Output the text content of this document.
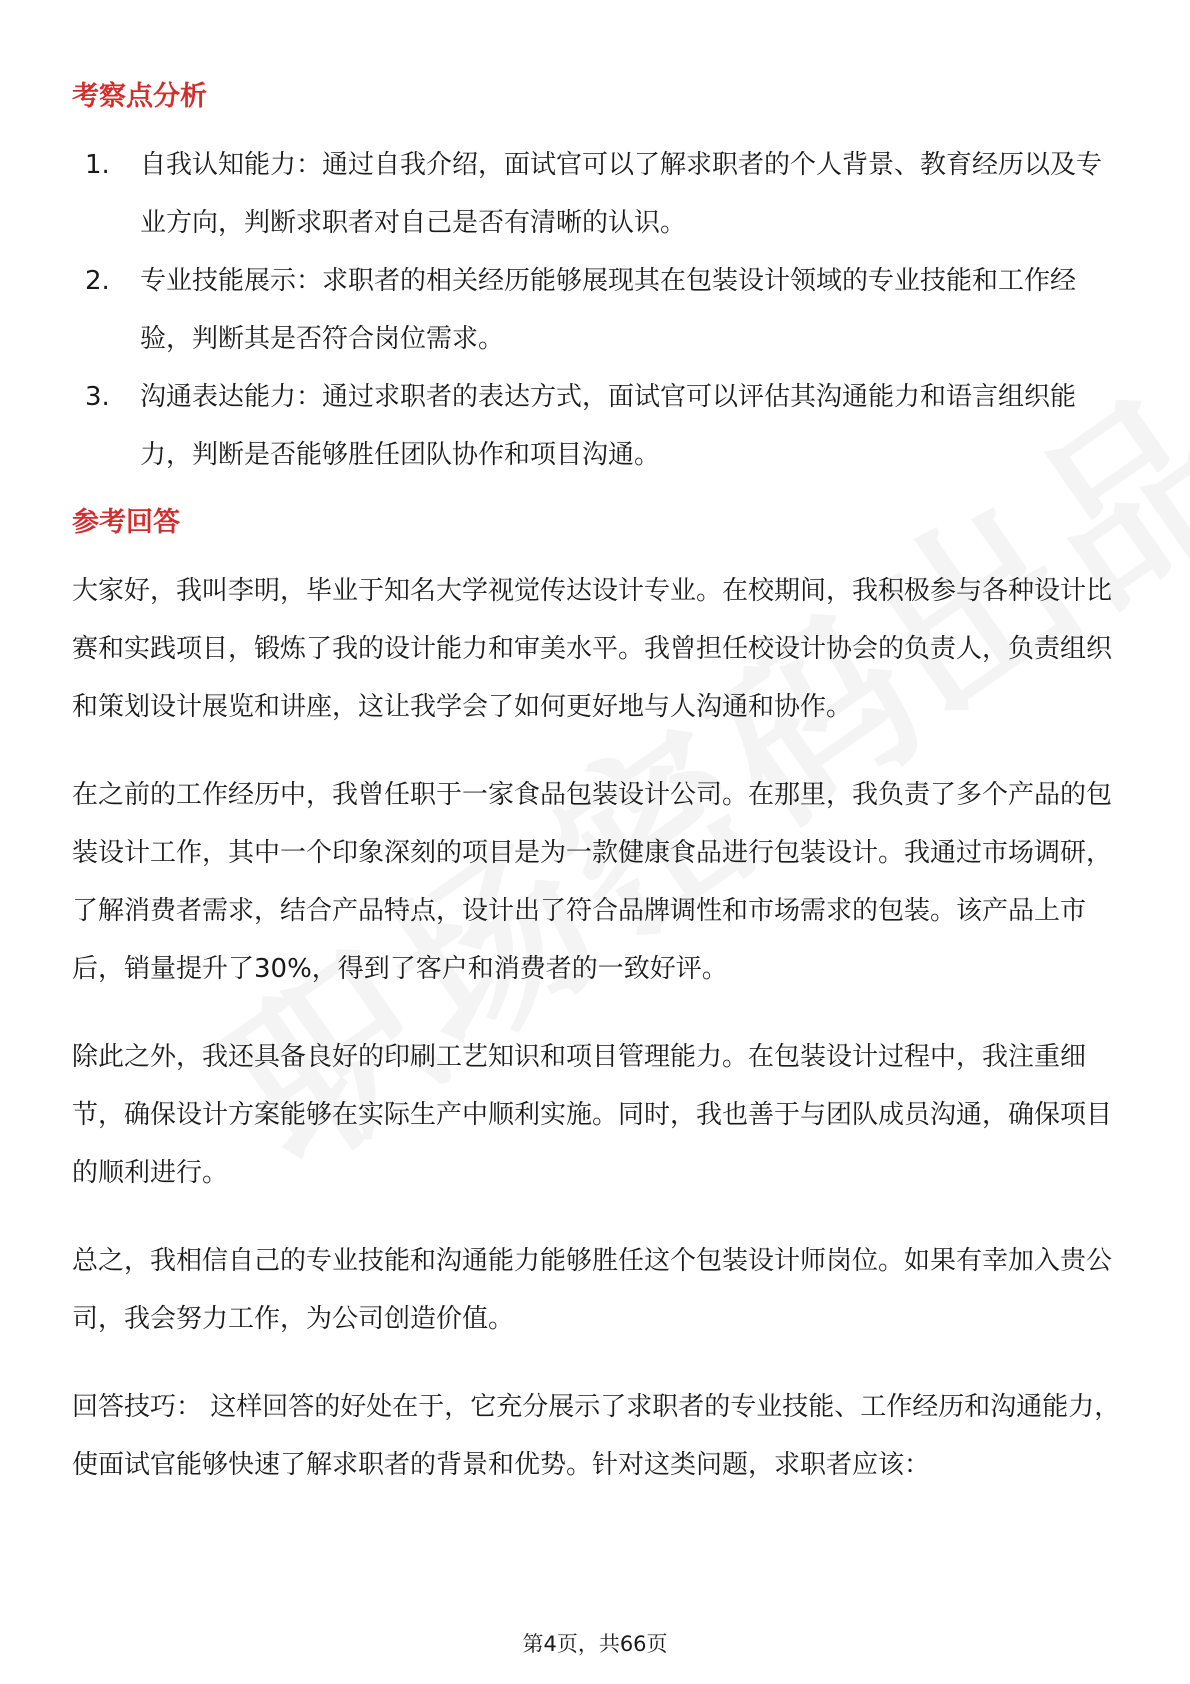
考察点分析
1. 自我认知能力：通过自我介绍，面试官可以了解求职者的个人背景、教育经历以及专业方向，判断求职者对自己是否有清晰的认识。
2. 专业技能展示：求职者的相关经历能够展现其在包装设计领域的专业技能和工作经验，判断其是否符合岗位需求。
3. 沟通表达能力：通过求职者的表达方式，面试官可以评估其沟通能力和语言组织能力，判断是否能够胜任团队协作和项目沟通。
参考回答

大家好，我叫李明，毕业于知名大学视觉传达设计专业。在校期间，我积极参与各种设计比赛和实践项目，锻炼了我的设计能力和审美水平。我曾担任校设计协会的负责人，负责组织和策划设计展览和讲座，这让我学会了如何更好地与人沟通和协作。

在之前的工作经历中，我曾任职于一家食品包装设计公司。在那里，我负责了多个产品的包装设计工作，其中一个印象深刻的项目是为一款健康食品进行包装设计。我通过市场调研，了解消费者需求，结合产品特点，设计出了符合品牌调性和市场需求的包装。该产品上市后，销量提升了30%，得到了客户和消费者的一致好评。

除此之外，我还具备良好的印刷工艺知识和项目管理能力。在包装设计过程中，我注重细节，确保设计方案能够在实际生产中顺利实施。同时，我也善于与团队成员沟通，确保项目的顺利进行。

总之，我相信自己的专业技能和沟通能力能够胜任这个包装设计师岗位。如果有幸加入贵公司，我会努力工作，为公司创造价值。

回答技巧： 这样回答的好处在于，它充分展示了求职者的专业技能、工作经历和沟通能力，使面试官能够快速了解求职者的背景和优势。针对这类问题，求职者应该：

第4页，共66页
